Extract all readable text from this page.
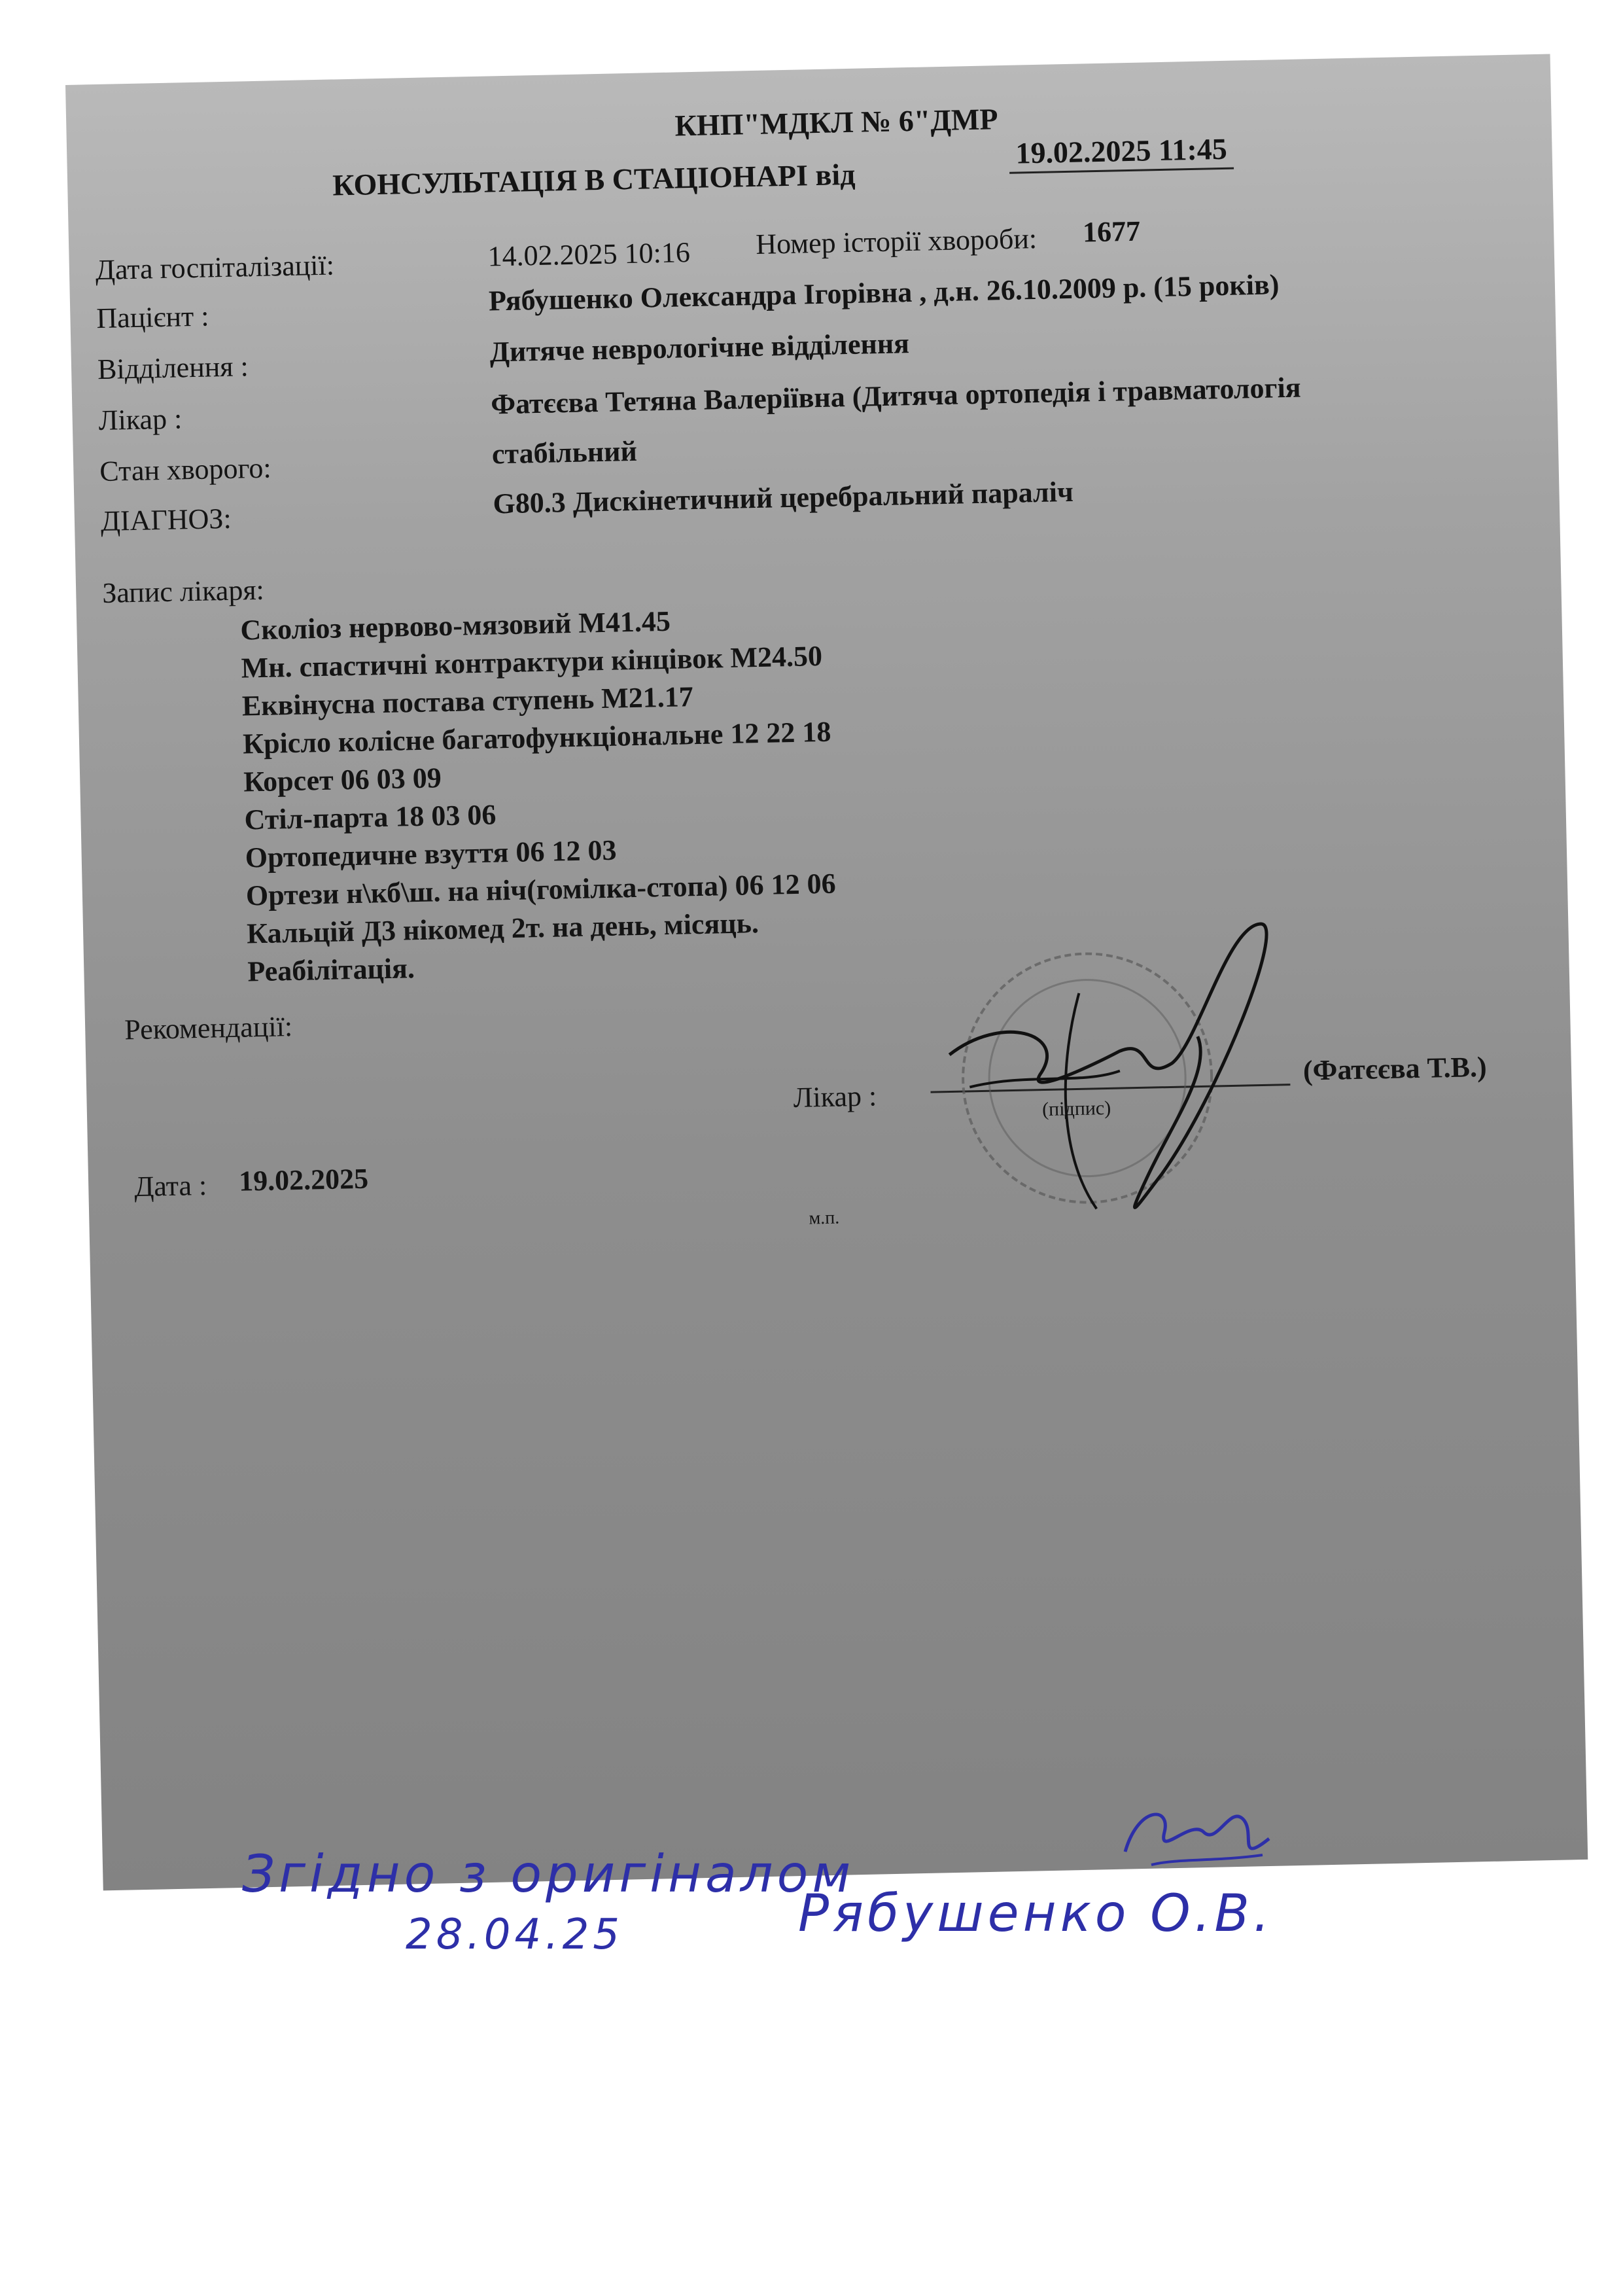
КНП"МДКЛ № 6"ДМР
КОНСУЛЬТАЦІЯ В СТАЦІОНАРІ від
19.02.2025 11:45
Дата госпіталізації:	14.02.2025 10:16 Номер історії хвороби: 1677
Пацієнт :
Рябушенко Олександра Ігорівна , д.н. 26.10.2009 р. (15 років)
Відділення :	Дитяче неврологічне відділення
Лікар :	Фатєєва Тетяна Валеріївна (Дитяча ортопедія і травматологія
Стан хворого:	стабільний
ДІАГНОЗ:	G80.3 Дискінетичний церебральний параліч
Запис лікаря:
Сколіоз нервово-мязовий M41.45
Мн. спастичні контрактури кінцівок M24.50
Еквінусна постава ступень M21.17
Крісло колісне багатофункціональне 12 22 18
Корсет 06 03 09
Стіл-парта 18 03 06
Ортопедичне взуття 06 12 03
Ортези н\кб\ш. на ніч(гомілка-стопа) 06 12 06
Кальцій Д3 нікомед 2т. на день, місяць.
Реабілітація.
Рекомендації:
Лікар :	(підпис)
(Фатєєва Т.В.)
м.п.
Дата : 19.02.2025
Згідно з оригіналом
28.04.25	Рябушенко О.В.
